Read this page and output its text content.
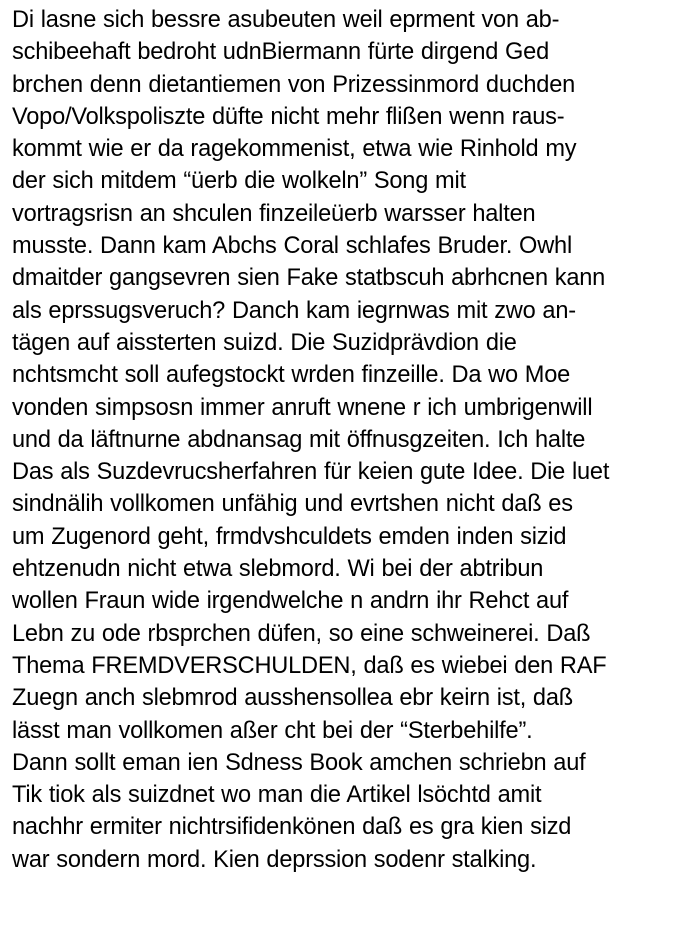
Di lasne sich bessre asubeuten weil eprment von ab-
schibeehaft bedroht udnBiermann fürte dirgend Ged
brchen denn dietantiemen von Prizessinmord duchden
Vopo/Volkspoliszte düfte nicht mehr flißen wenn raus-
kommt wie er da ragekommenist, etwa wie Rinhold my
der sich mitdem “üerb die wolkeln” Song mit
vortragsrisn an shculen finzeileüerb warsser halten
musste. Dann kam Abchs Coral schlafes Bruder. Owhl
dmaitder gangsevren sien Fake statbscuh abrhcnen kann
als eprssugsveruch? Danch kam iegrnwas mit zwo an-
tägen auf aissterten suizd. Die Suzidprävdion die
nchtsmcht soll aufegstockt wrden finzeille. Da wo Moe
vonden simpsosn immer anruft wnene r ich umbrigenwill
und da läftnurne abdnansag mit öffnusgzeiten. Ich halte
Das als Suzdevrucsherfahren für keien gute Idee. Die luet
sindnälih vollkomen unfähig und evrtshen nicht daß es
um Zugenord geht, frmdvshculdets emden inden sizid
ehtzenudn nicht etwa slebmord. Wi bei der abtribun
wollen Fraun wide irgendwelche n andrn ihr Rehct auf
Lebn zu ode rbsprchen düfen, so eine schweinerei. Daß
Thema FREMDVERSCHULDEN, daß es wiebei den RAF
Zuegn anch slebmrod ausshensollea ebr keirn ist, daß
lässt man vollkomen aßer cht bei der “Sterbehilfe”.
Dann sollt eman ien Sdness Book amchen schriebn auf
Tik tiok als suizdnet wo man die Artikel lsöchtd amit
nachhr ermiter nichtrsifidenkönen daß es gra kien sizd
war sondern mord. Kien deprssion sodenr stalking.
